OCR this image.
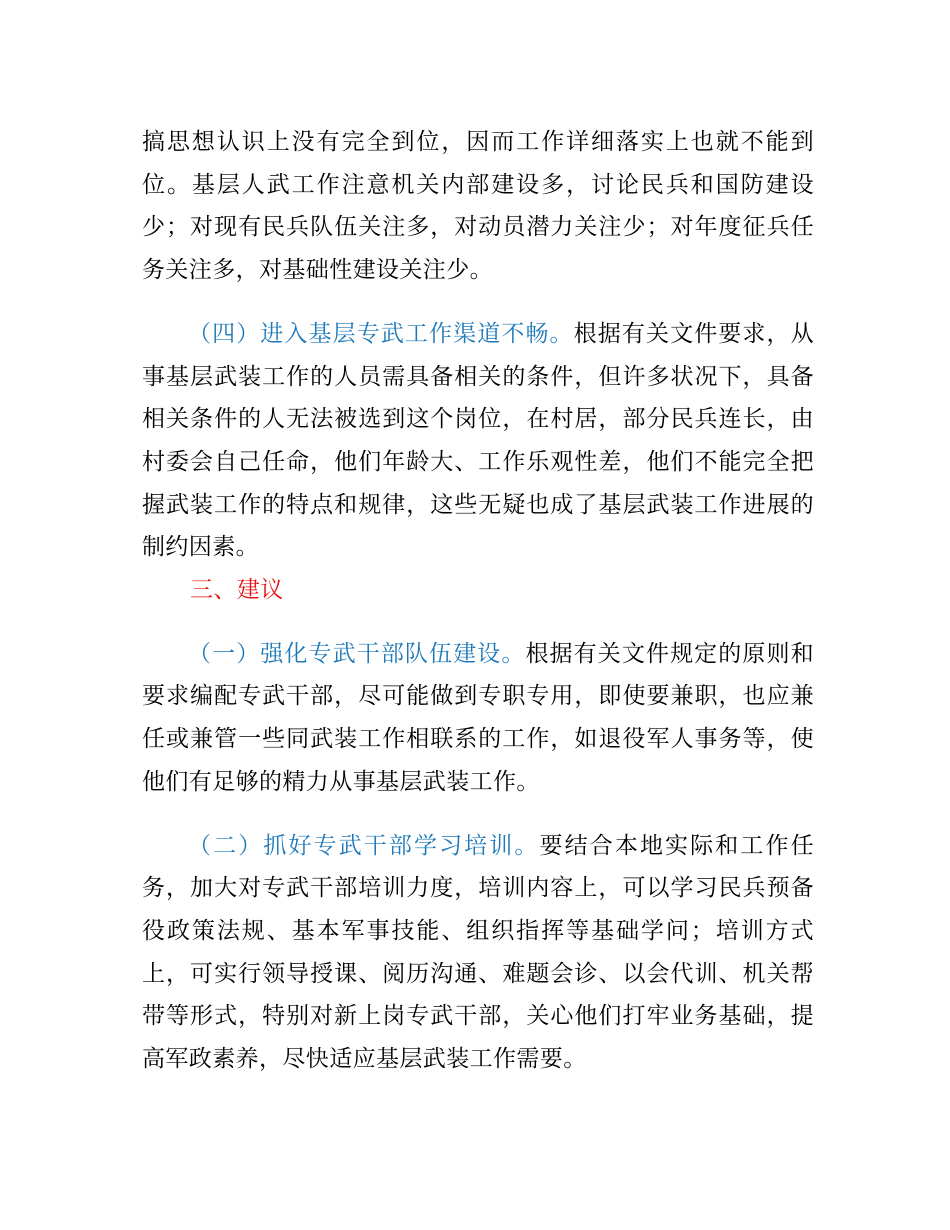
搞思想认识上没有完全到位，因而工作详细落实上也就不能到位。基层人武工作注意机关内部建设多，讨论民兵和国防建设少；对现有民兵队伍关注多，对动员潜力关注少；对年度征兵任务关注多，对基础性建设关注少。

（四）进入基层专武工作渠道不畅。根据有关文件要求，从事基层武装工作的人员需具备相关的条件，但许多状况下，具备相关条件的人无法被选到这个岗位，在村居，部分民兵连长，由村委会自己任命，他们年龄大、工作乐观性差，他们不能完全把握武装工作的特点和规律，这些无疑也成了基层武装工作进展的制约因素。

三、建议

（一）强化专武干部队伍建设。根据有关文件规定的原则和要求编配专武干部，尽可能做到专职专用，即使要兼职，也应兼任或兼管一些同武装工作相联系的工作，如退役军人事务等，使他们有足够的精力从事基层武装工作。

（二）抓好专武干部学习培训。要结合本地实际和工作任务，加大对专武干部培训力度，培训内容上，可以学习民兵预备役政策法规、基本军事技能、组织指挥等基础学问；培训方式上，可实行领导授课、阅历沟通、难题会诊、以会代训、机关帮带等形式，特别对新上岗专武干部，关心他们打牢业务基础，提高军政素养，尽快适应基层武装工作需要。
